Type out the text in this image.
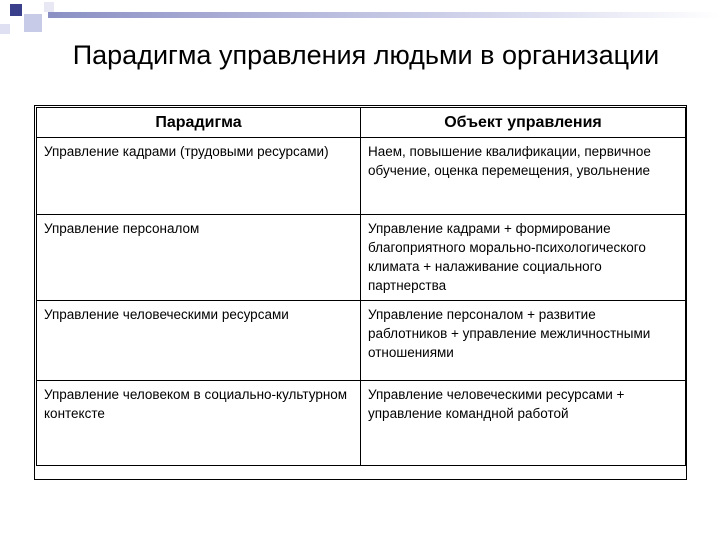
Парадигма управления людьми в организации
Парадигма	Объект управления
Управление кадрами (трудовыми ресурсами)	Наем, повышение квалификации, первичное обучение, оценка перемещения, увольнение
Управление персоналом	Управление кадрами + формирование благоприятного морально-психологического климата + налаживание социального партнерства
Управление человеческими ресурсами	Управление персоналом + развитие раблотников + управление межличностными отношениями
Управление человеком в социально-культурном контексте	Управление человеческими ресурсами + управление командной работой
